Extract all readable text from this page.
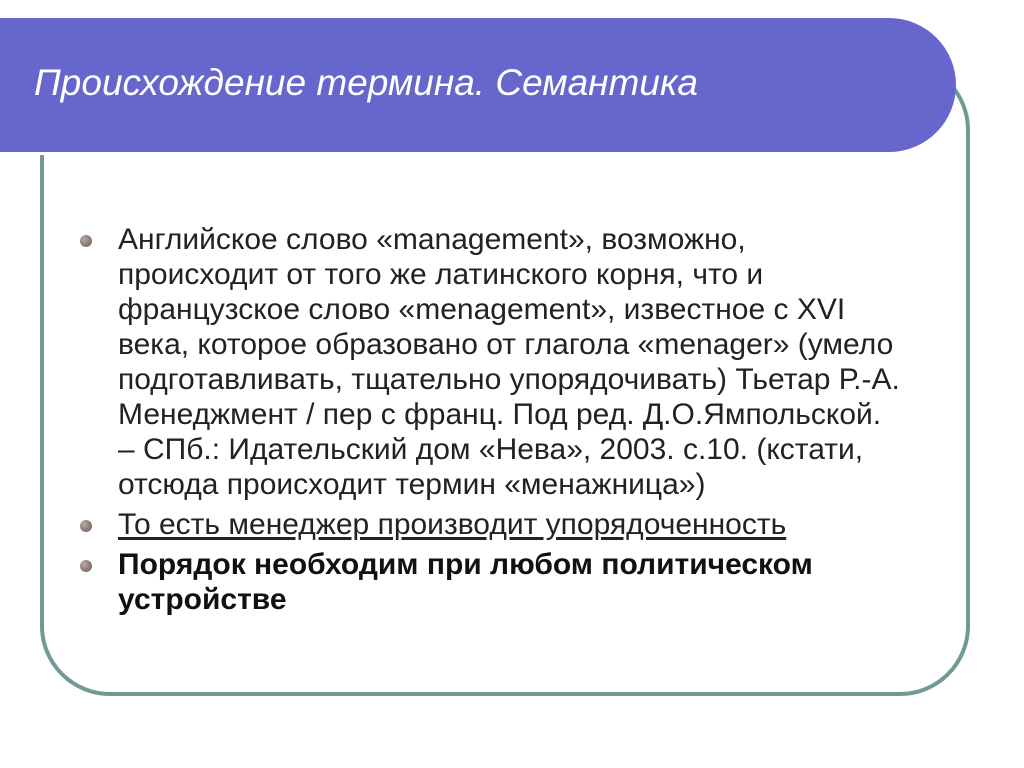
Происхождение термина. Семантика
Английское слово «management», возможно, происходит от того же латинского корня, что и французское слово «menagement», известное с XVI века, которое образовано от глагола «menager» (умело подготавливать, тщательно упорядочивать) Тьетар Р.-А. Менеджмент / пер с франц. Под ред. Д.О.Ямпольской. – СПб.: Идательский дом «Нева», 2003. с.10. (кстати, отсюда происходит термин «менажница»)
То есть менеджер производит упорядоченность
Порядок необходим при любом политическом устройстве
